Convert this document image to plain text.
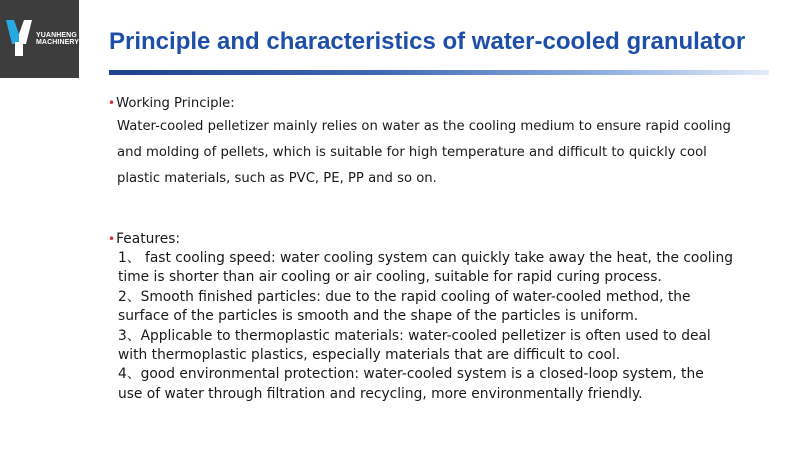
YUANHENG
MACHINERY Principle and characteristics of water-cooled granulator
•Working Principle:
Water-cooled pelletizer mainly relies on water as the cooling medium to ensure rapid cooling
and molding of pellets, which is suitable for high temperature and difficult to quickly cool
plastic materials, such as PVC, PE, PP and so on.
•Features:
1、 fast cooling speed: water cooling system can quickly take away the heat, the cooling
time is shorter than air cooling or air cooling, suitable for rapid curing process.
2、Smooth finished particles: due to the rapid cooling of water-cooled method, the
surface of the particles is smooth and the shape of the particles is uniform.
3、Applicable to thermoplastic materials: water-cooled pelletizer is often used to deal
with thermoplastic plastics, especially materials that are difficult to cool.
4、good environmental protection: water-cooled system is a closed-loop system, the
use of water through filtration and recycling, more environmentally friendly.
